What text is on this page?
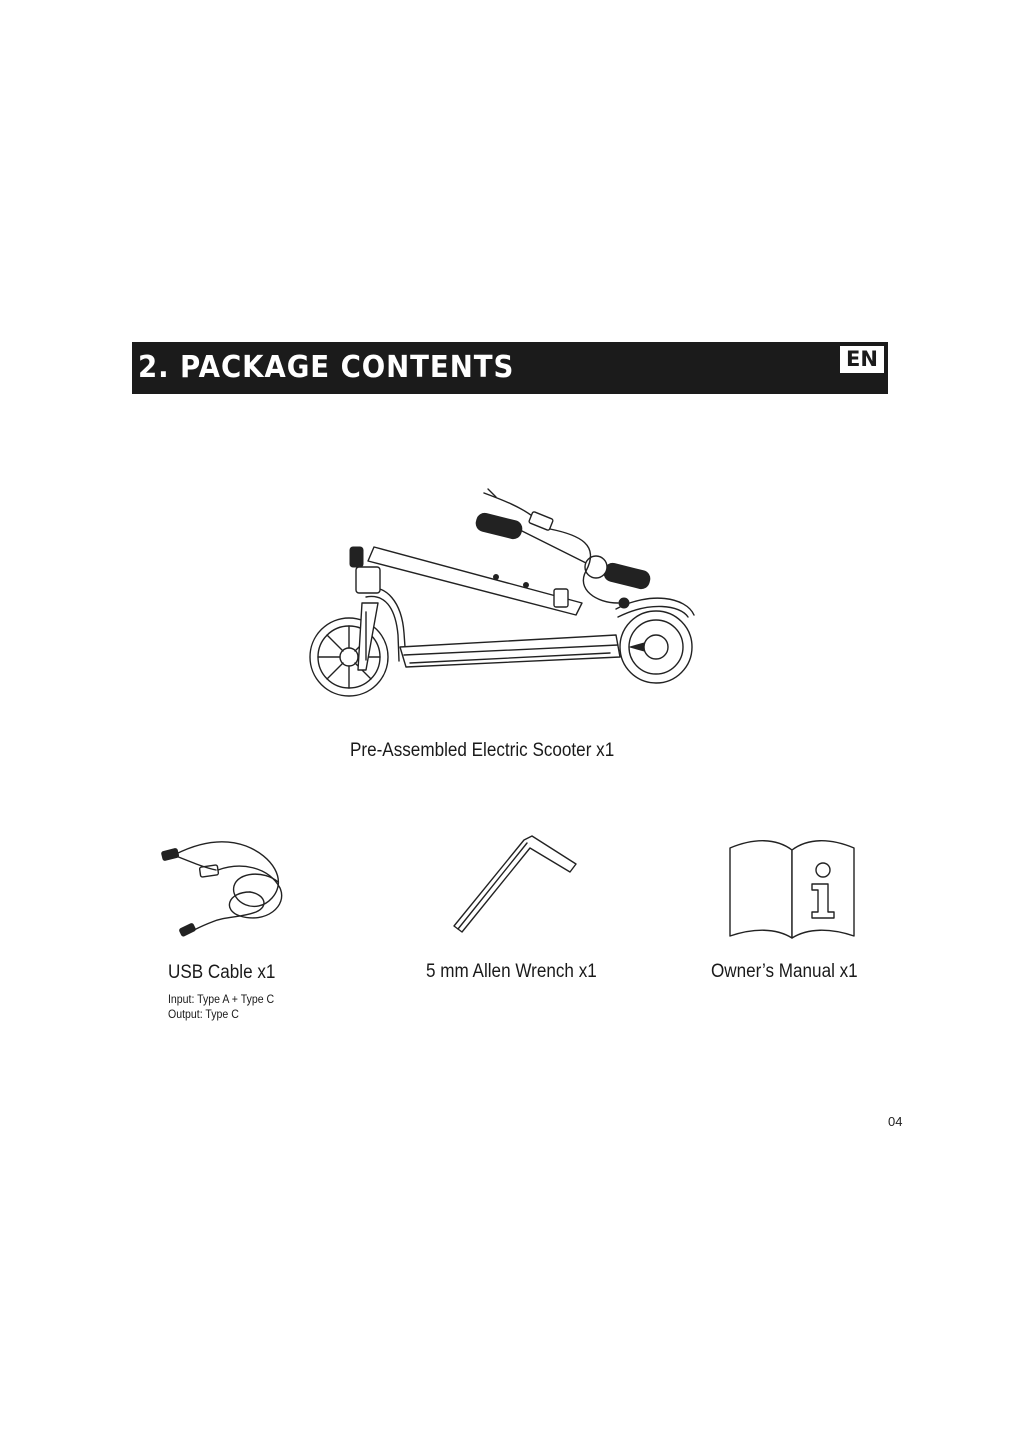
2. PACKAGE CONTENTS	EN
Pre-Assembled Electric Scooter x1
USB Cable x1
Input: Type A + Type C
Output: Type C
5 mm Allen Wrench x1	Owner’s Manual x1
04
